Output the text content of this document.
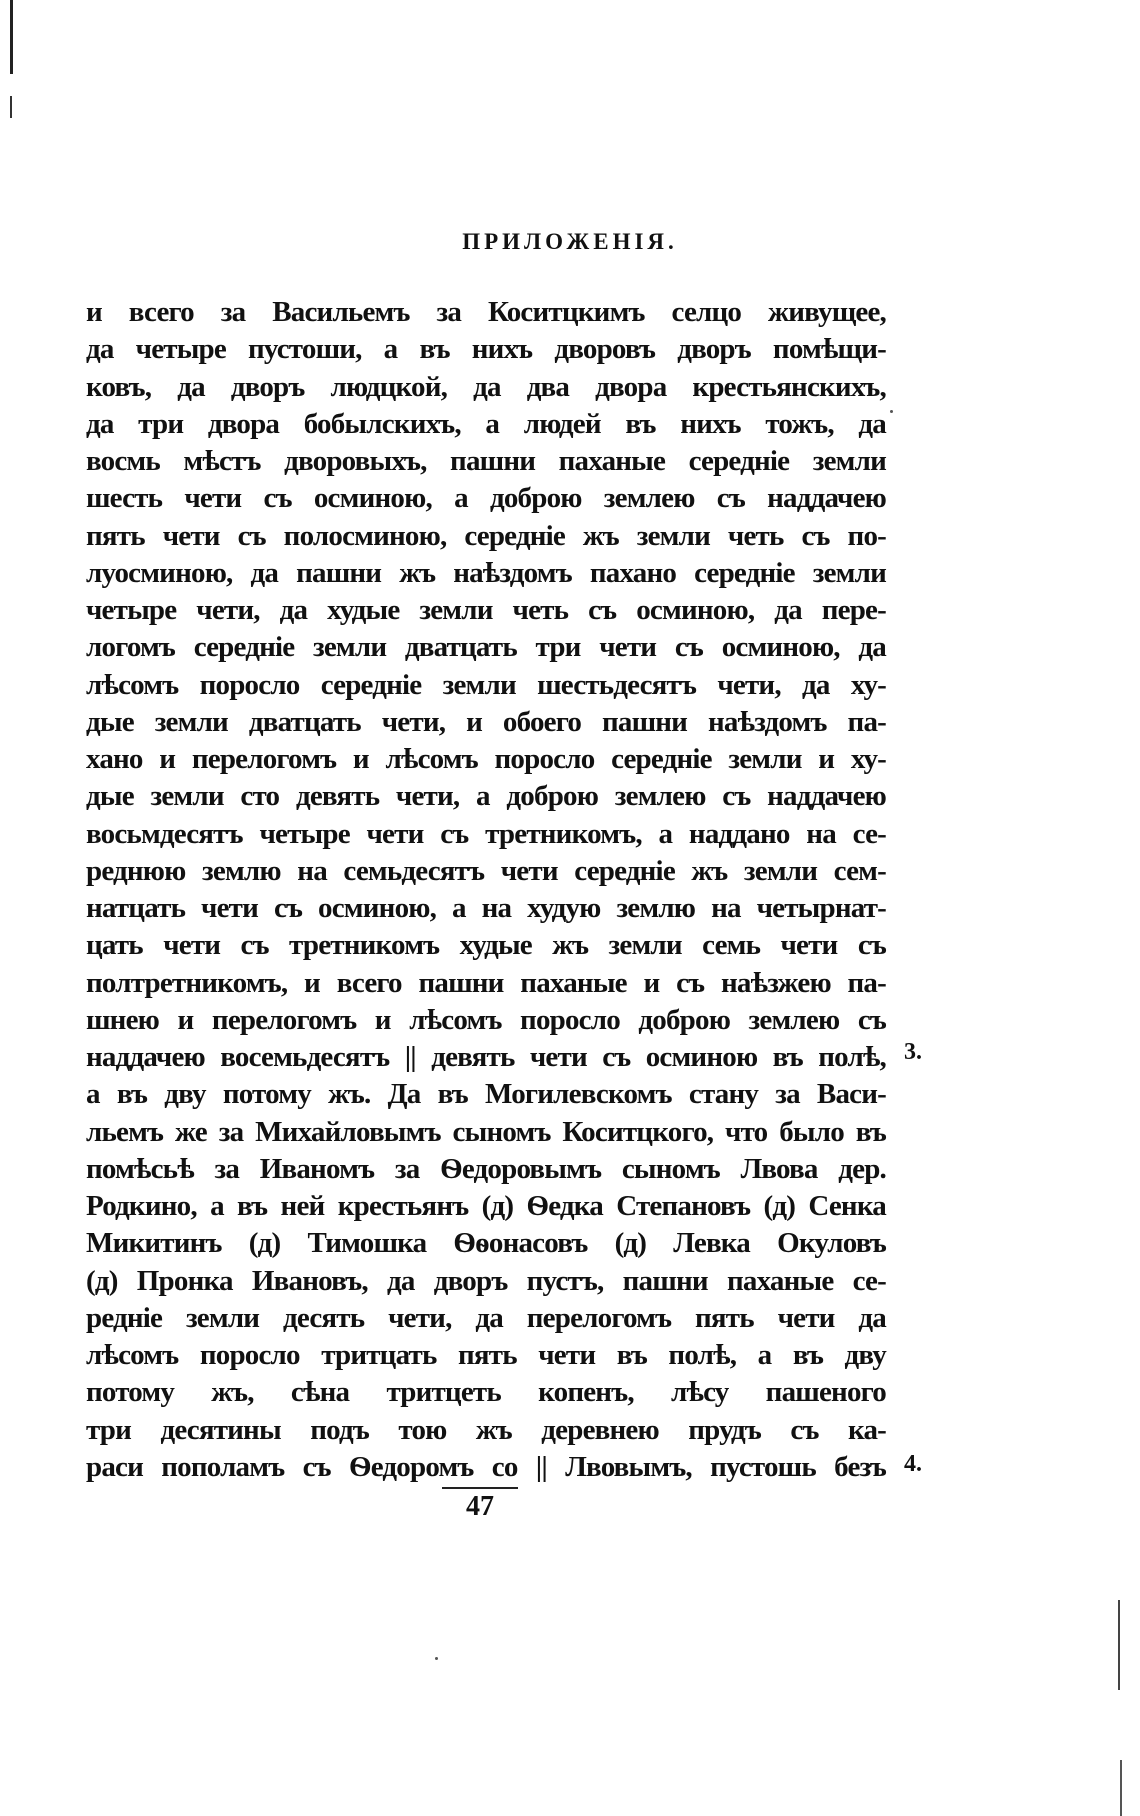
ПРИЛОЖЕНІЯ.
и всего за Васильемъ за Коситцкимъ селцо живущее,
да четыре пустоши, а въ нихъ дворовъ дворъ помѣщи-
ковъ, да дворъ людцкой, да два двора крестьянскихъ,
да три двора бобылскихъ, а людей въ нихъ тожъ, да
восмь мѣстъ дворовыхъ, пашни паханые середніе земли
шесть чети съ осминою, а доброю землею съ наддачею
пять чети съ полосминою, середніе жъ земли четь съ по-
луосминою, да пашни жъ наѣздомъ пахано середніе земли
четыре чети, да худые земли четь съ осминою, да пере-
логомъ середніе земли дватцать три чети съ осминою, да
лѣсомъ поросло середніе земли шестьдесятъ чети, да ху-
дые земли дватцать чети, и обоего пашни наѣздомъ па-
хано и перелогомъ и лѣсомъ поросло середніе земли и ху-
дые земли сто девять чети, а доброю землею съ наддачею
восьмдесятъ четыре чети съ третникомъ, а наддано на се-
реднюю землю на семьдесятъ чети середніе жъ земли сем-
натцать чети съ осминою, а на худую землю на четырнат-
цать чети съ третникомъ худые жъ земли семь чети съ
полтретникомъ, и всего пашни паханые и съ наѣзжею па-
шнею и перелогомъ и лѣсомъ поросло доброю землею съ
наддачею восемьдесятъ || девять чети съ осминою въ полѣ,
а въ дву потому жъ. Да въ Могилевскомъ стану за Васи-
льемъ же за Михайловымъ сыномъ Коситцкого, что было въ
помѣсьѣ за Иваномъ за Ѳедоровымъ сыномъ Лвова дер.
Родкино, а въ ней крестьянъ (д) Ѳедка Степановъ (д) Сенка
Микитинъ (д) Тимошка Ѳѳонасовъ (д) Левка Окуловъ
(д) Пронка Ивановъ, да дворъ пустъ, пашни паханые се-
редніе земли десять чети, да перелогомъ пять чети да
лѣсомъ поросло тритцать пять чети въ полѣ, а въ дву
потому жъ, сѣна тритцеть копенъ, лѣсу пашеного
три десятины подъ тою жъ деревнею прудъ съ ка-
раси пополамъ съ Ѳедоромъ со || Лвовымъ, пустошь безъ
3.
4.
47
